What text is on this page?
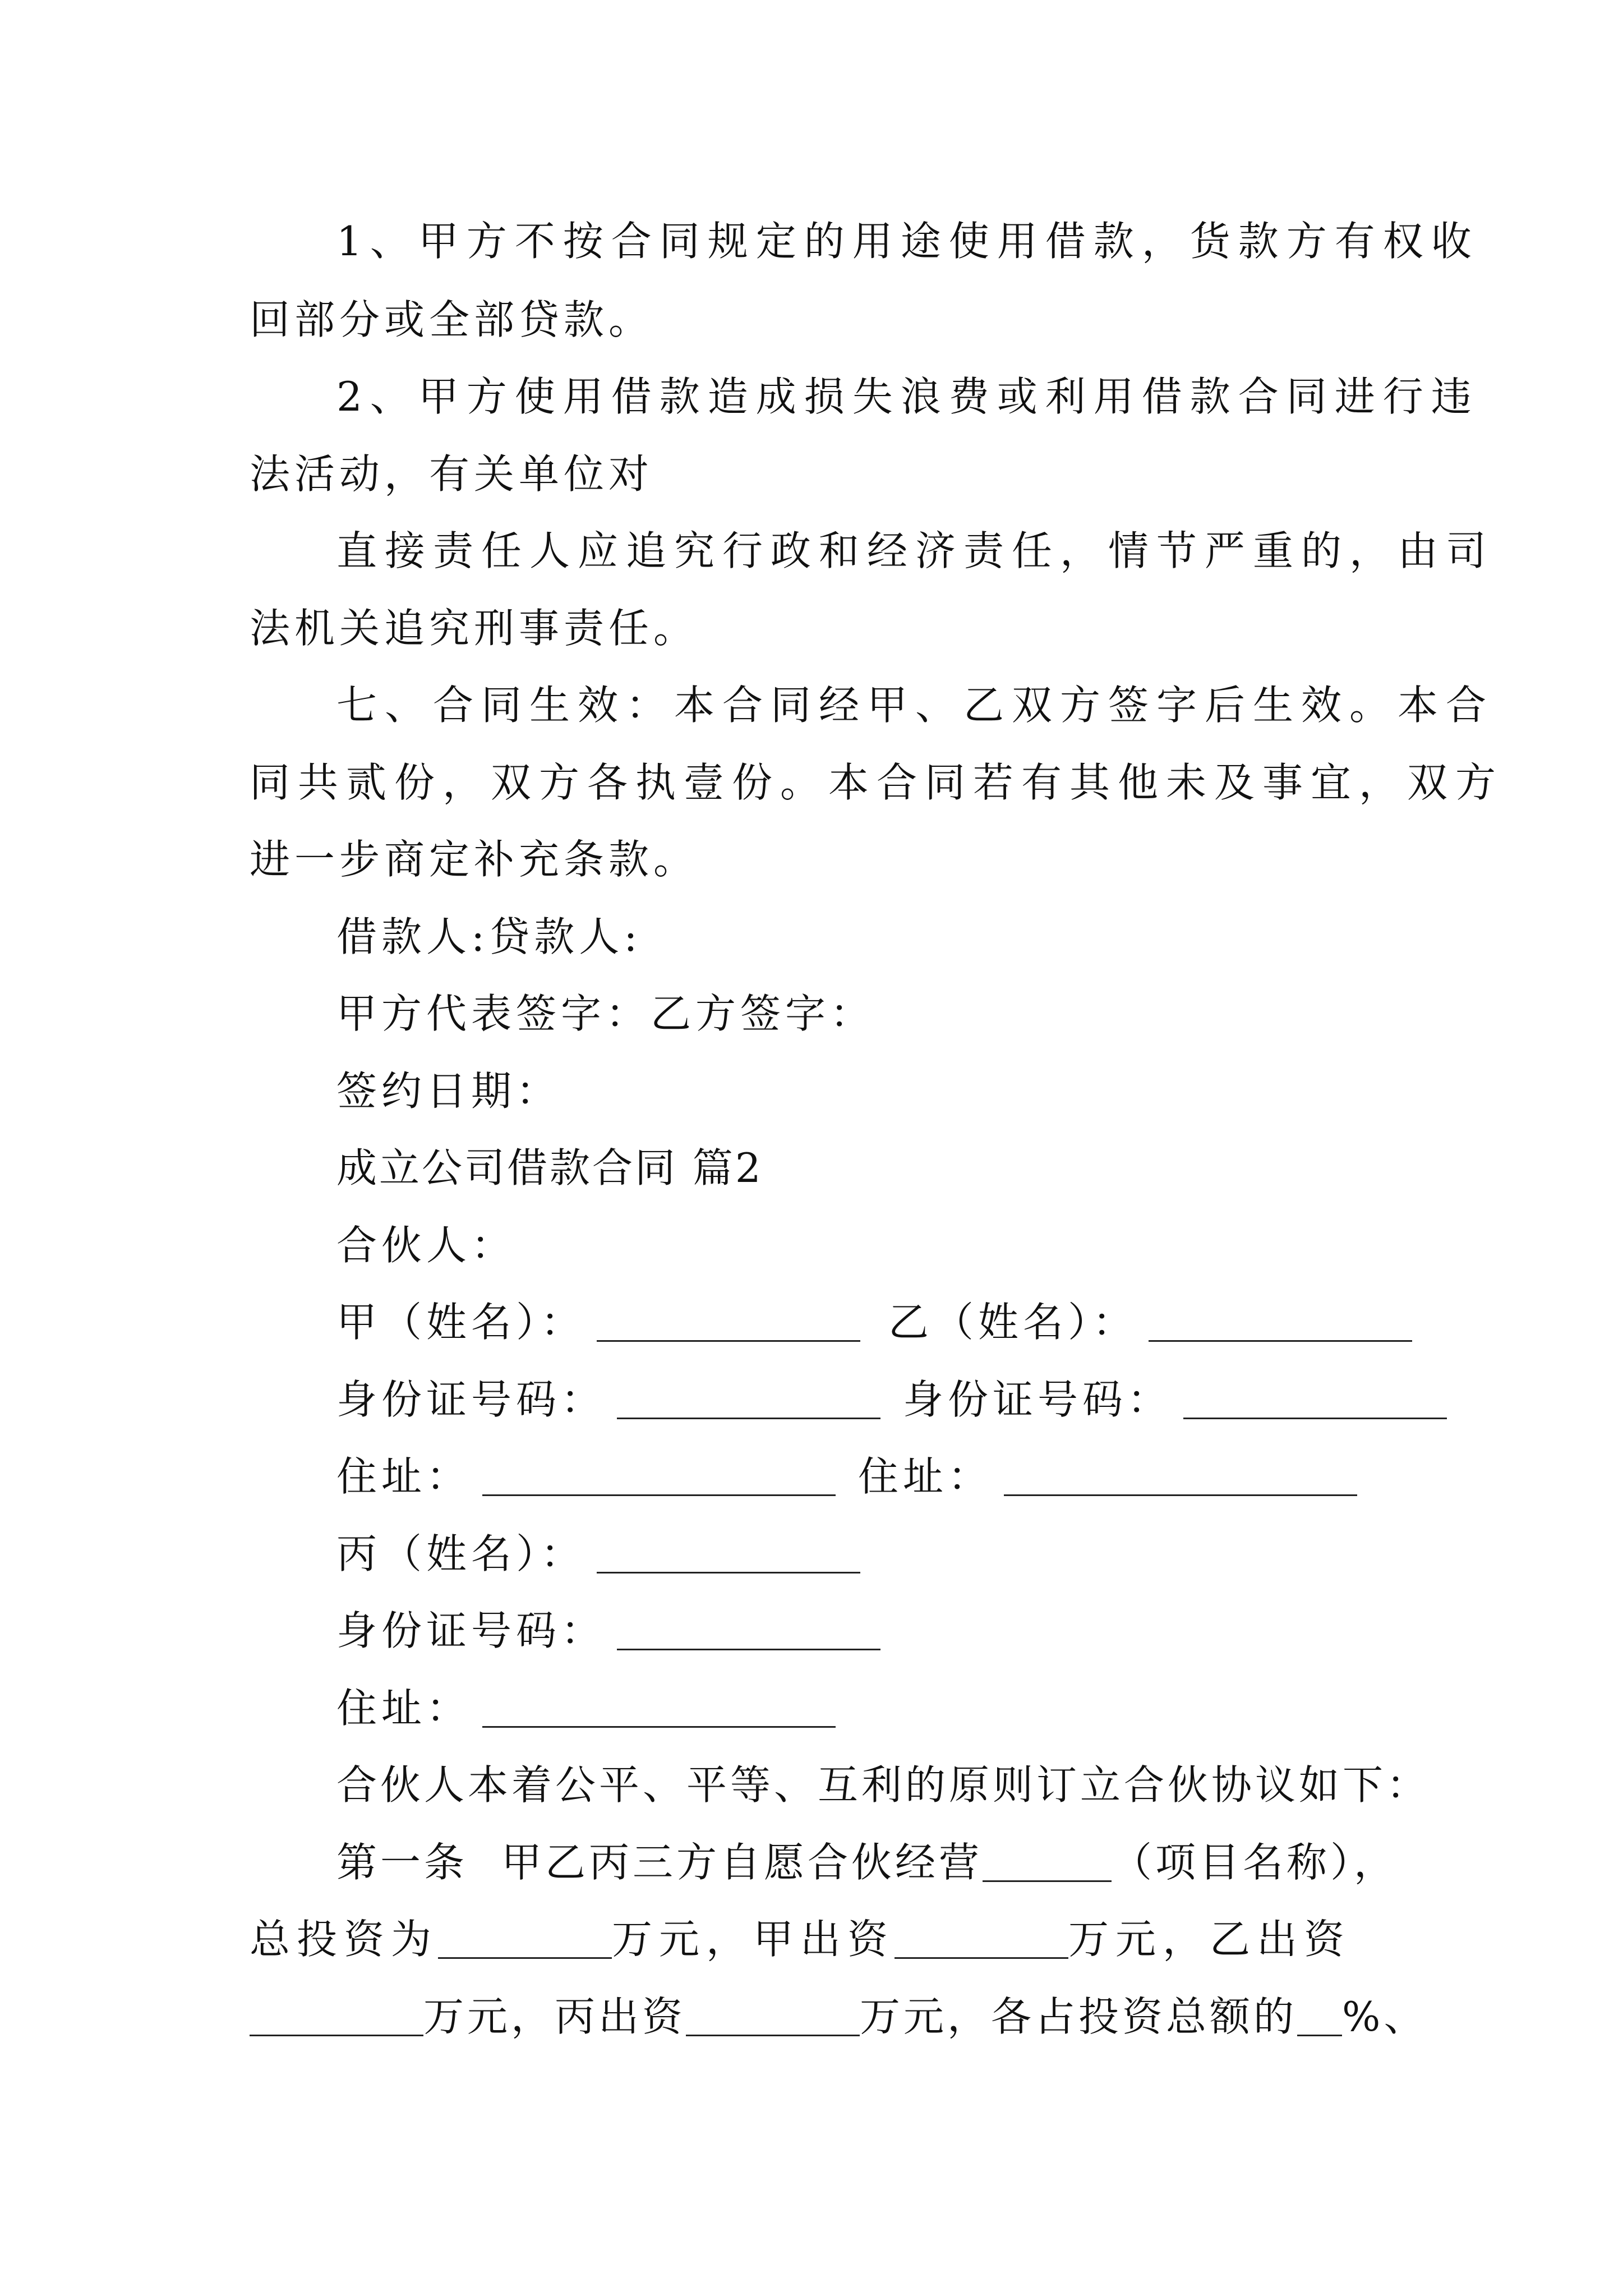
1、甲方不按合同规定的用途使用借款，货款方有权收
回部分或全部贷款。
2、甲方使用借款造成损失浪费或利用借款合同进行违
法活动，有关单位对
直接责任人应追究行政和经济责任，情节严重的，由司
法机关追究刑事责任。
七、合同生效：本合同经甲、乙双方签字后生效。本合
同共贰份，双方各执壹份。本合同若有其他未及事宜，双方
进一步商定补充条款。
借款人:贷款人:
甲方代表签字：乙方签字：
签约日期：
成立公司借款合同 篇2
合伙人：
甲（姓名）：	乙（姓名）：
身份证号码：	身份证号码：
住址：	住址：
丙（姓名）：
身份证号码：
住址：
合伙人本着公平、平等、互利的原则订立合伙协议如下：
第一条 甲乙丙三方自愿合伙经营	（项目名称），
总投资为	万元，甲出资	万元，乙出资
万元，丙出资	万元，各占投资总额的 %、
